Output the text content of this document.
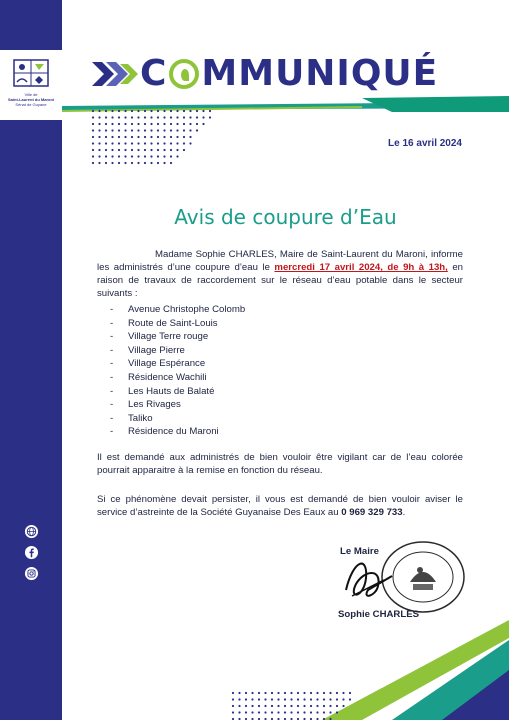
Ville de
Saint-Laurent du Maroni
Sénat de Guyane
C MMUNIQUÉ
Le 16 avril 2024
Avis de coupure d’Eau
Madame Sophie CHARLES, Maire de Saint-Laurent du Maroni, informe les administrés d’une coupure d’eau le mercredi 17 avril 2024, de 9h à 13h, en raison de travaux de raccordement sur le réseau d’eau potable dans le secteur suivants :
- Avenue Christophe Colomb
- Route de Saint-Louis
- Village Terre rouge
- Village Pierre
- Village Espérance
- Résidence Wachili
- Les Hauts de Balaté
- Les Rivages
- Taliko
- Résidence du Maroni
Il est demandé aux administrés de bien vouloir être vigilant car de l’eau colorée pourrait apparaitre à la remise en fonction du réseau.
Si ce phénomène devait persister, il vous est demandé de bien vouloir aviser le service d’astreinte de la Société Guyanaise Des Eaux au 0 969 329 733.
Le Maire
Sophie CHARLES
